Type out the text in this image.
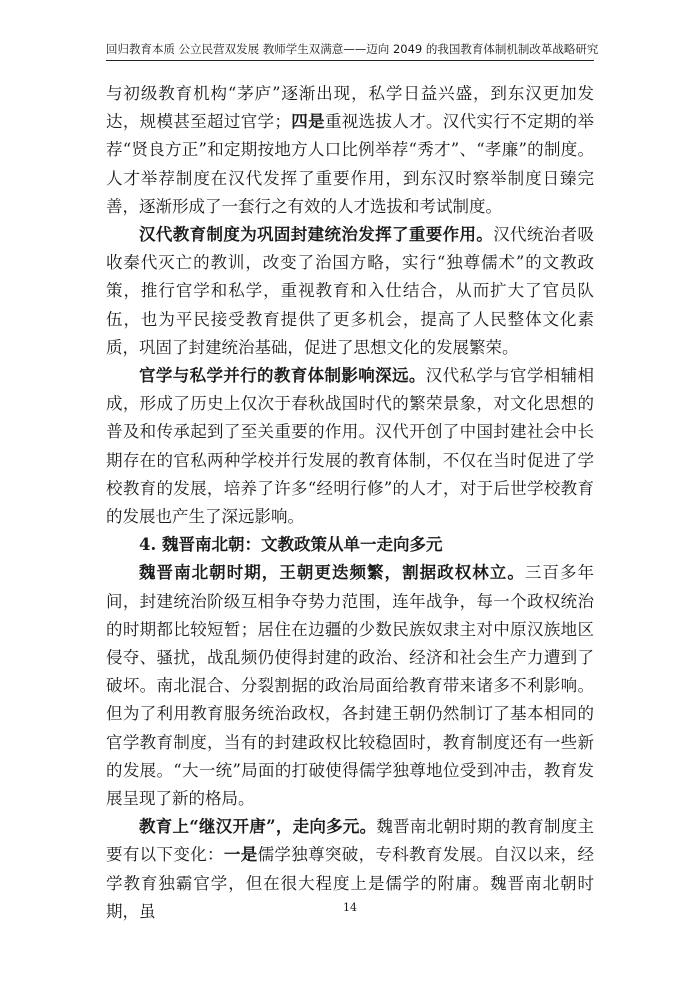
回归教育本质 公立民营双发展 教师学生双满意——迈向 2049 的我国教育体制机制改革战略研究

与初级教育机构“茅庐”逐渐出现，私学日益兴盛，到东汉更加发达，规模甚至超过官学；四是重视选拔人才。汉代实行不定期的举荐“贤良方正”和定期按地方人口比例举荐“秀才”、“孝廉”的制度。人才举荐制度在汉代发挥了重要作用，到东汉时察举制度日臻完善，逐渐形成了一套行之有效的人才选拔和考试制度。

汉代教育制度为巩固封建统治发挥了重要作用。汉代统治者吸收秦代灭亡的教训，改变了治国方略，实行“独尊儒术”的文教政策，推行官学和私学，重视教育和入仕结合，从而扩大了官员队伍，也为平民接受教育提供了更多机会，提高了人民整体文化素质，巩固了封建统治基础，促进了思想文化的发展繁荣。

官学与私学并行的教育体制影响深远。汉代私学与官学相辅相成，形成了历史上仅次于春秋战国时代的繁荣景象，对文化思想的普及和传承起到了至关重要的作用。汉代开创了中国封建社会中长期存在的官私两种学校并行发展的教育体制，不仅在当时促进了学校教育的发展，培养了许多“经明行修”的人才，对于后世学校教育的发展也产生了深远影响。

4. 魏晋南北朝：文教政策从单一走向多元

魏晋南北朝时期，王朝更迭频繁，割据政权林立。三百多年间，封建统治阶级互相争夺势力范围，连年战争，每一个政权统治的时期都比较短暂；居住在边疆的少数民族奴隶主对中原汉族地区侵夺、骚扰，战乱频仍使得封建的政治、经济和社会生产力遭到了破坏。南北混合、分裂割据的政治局面给教育带来诸多不利影响。但为了利用教育服务统治政权，各封建王朝仍然制订了基本相同的官学教育制度，当有的封建政权比较稳固时，教育制度还有一些新的发展。“大一统”局面的打破使得儒学独尊地位受到冲击，教育发展呈现了新的格局。

教育上“继汉开唐”，走向多元。魏晋南北朝时期的教育制度主要有以下变化：一是儒学独尊突破，专科教育发展。自汉以来，经学教育独霸官学，但在很大程度上是儒学的附庸。魏晋南北朝时期，虽	14
